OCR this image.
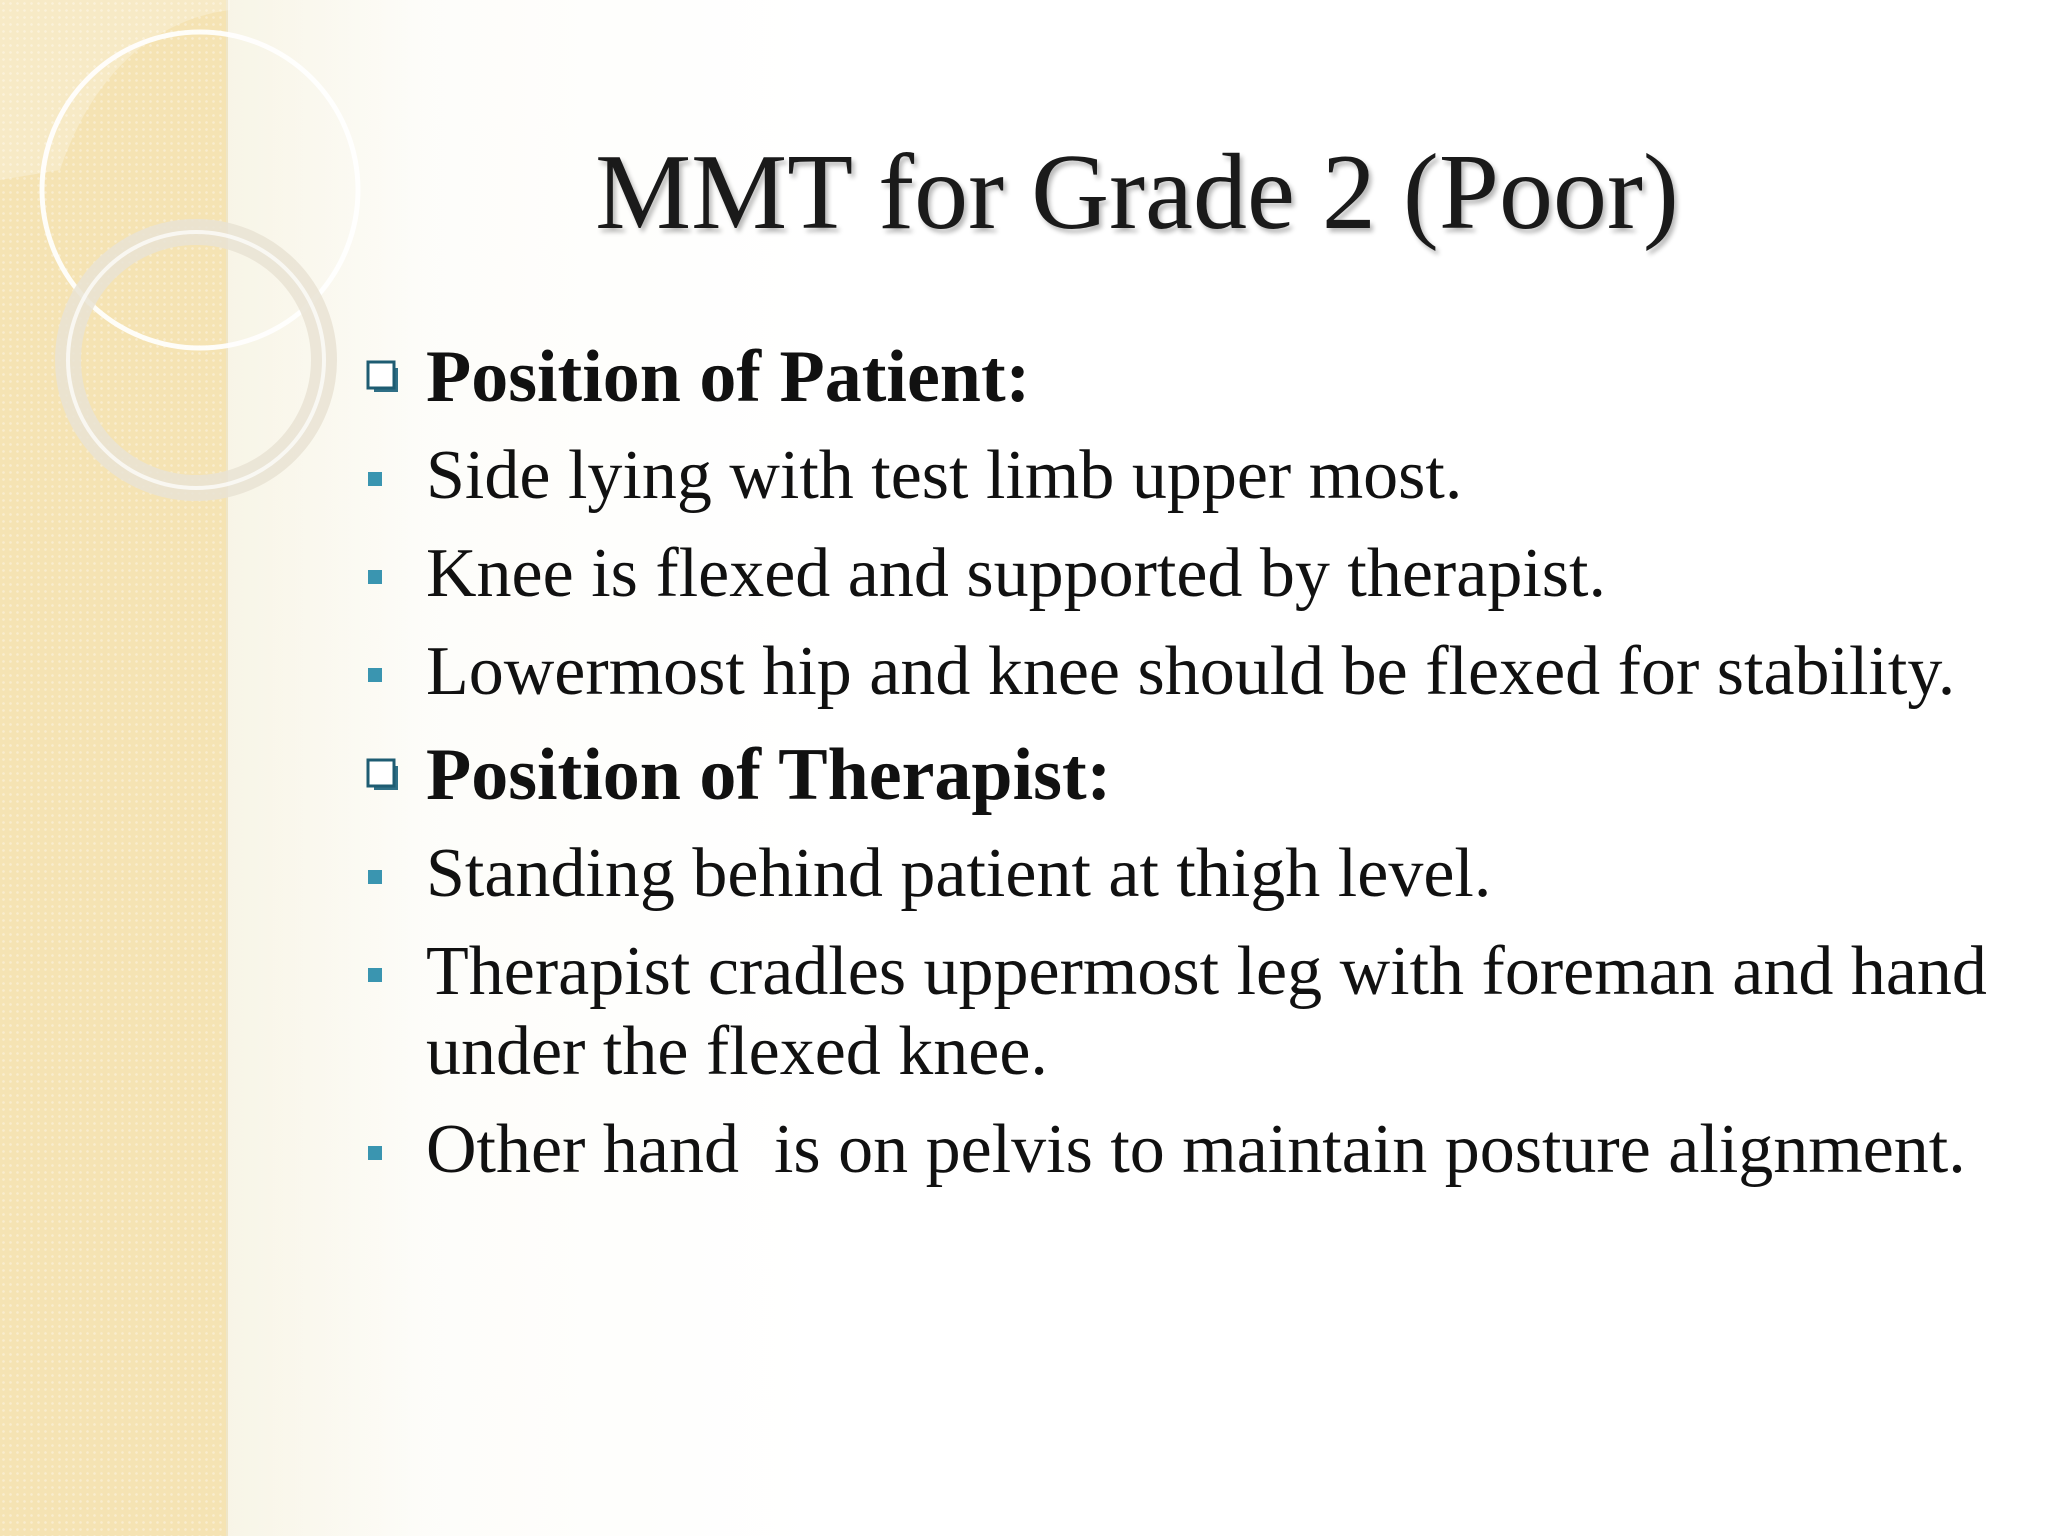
MMT for Grade 2 (Poor)
Position of Patient:
Side lying with test limb upper most.
Knee is flexed and supported by therapist.
Lowermost hip and knee should be flexed for stability.
Position of Therapist:
Standing behind patient at thigh level.
Therapist cradles uppermost leg with foreman and hand under the flexed knee.
Other hand  is on pelvis to maintain posture alignment.
